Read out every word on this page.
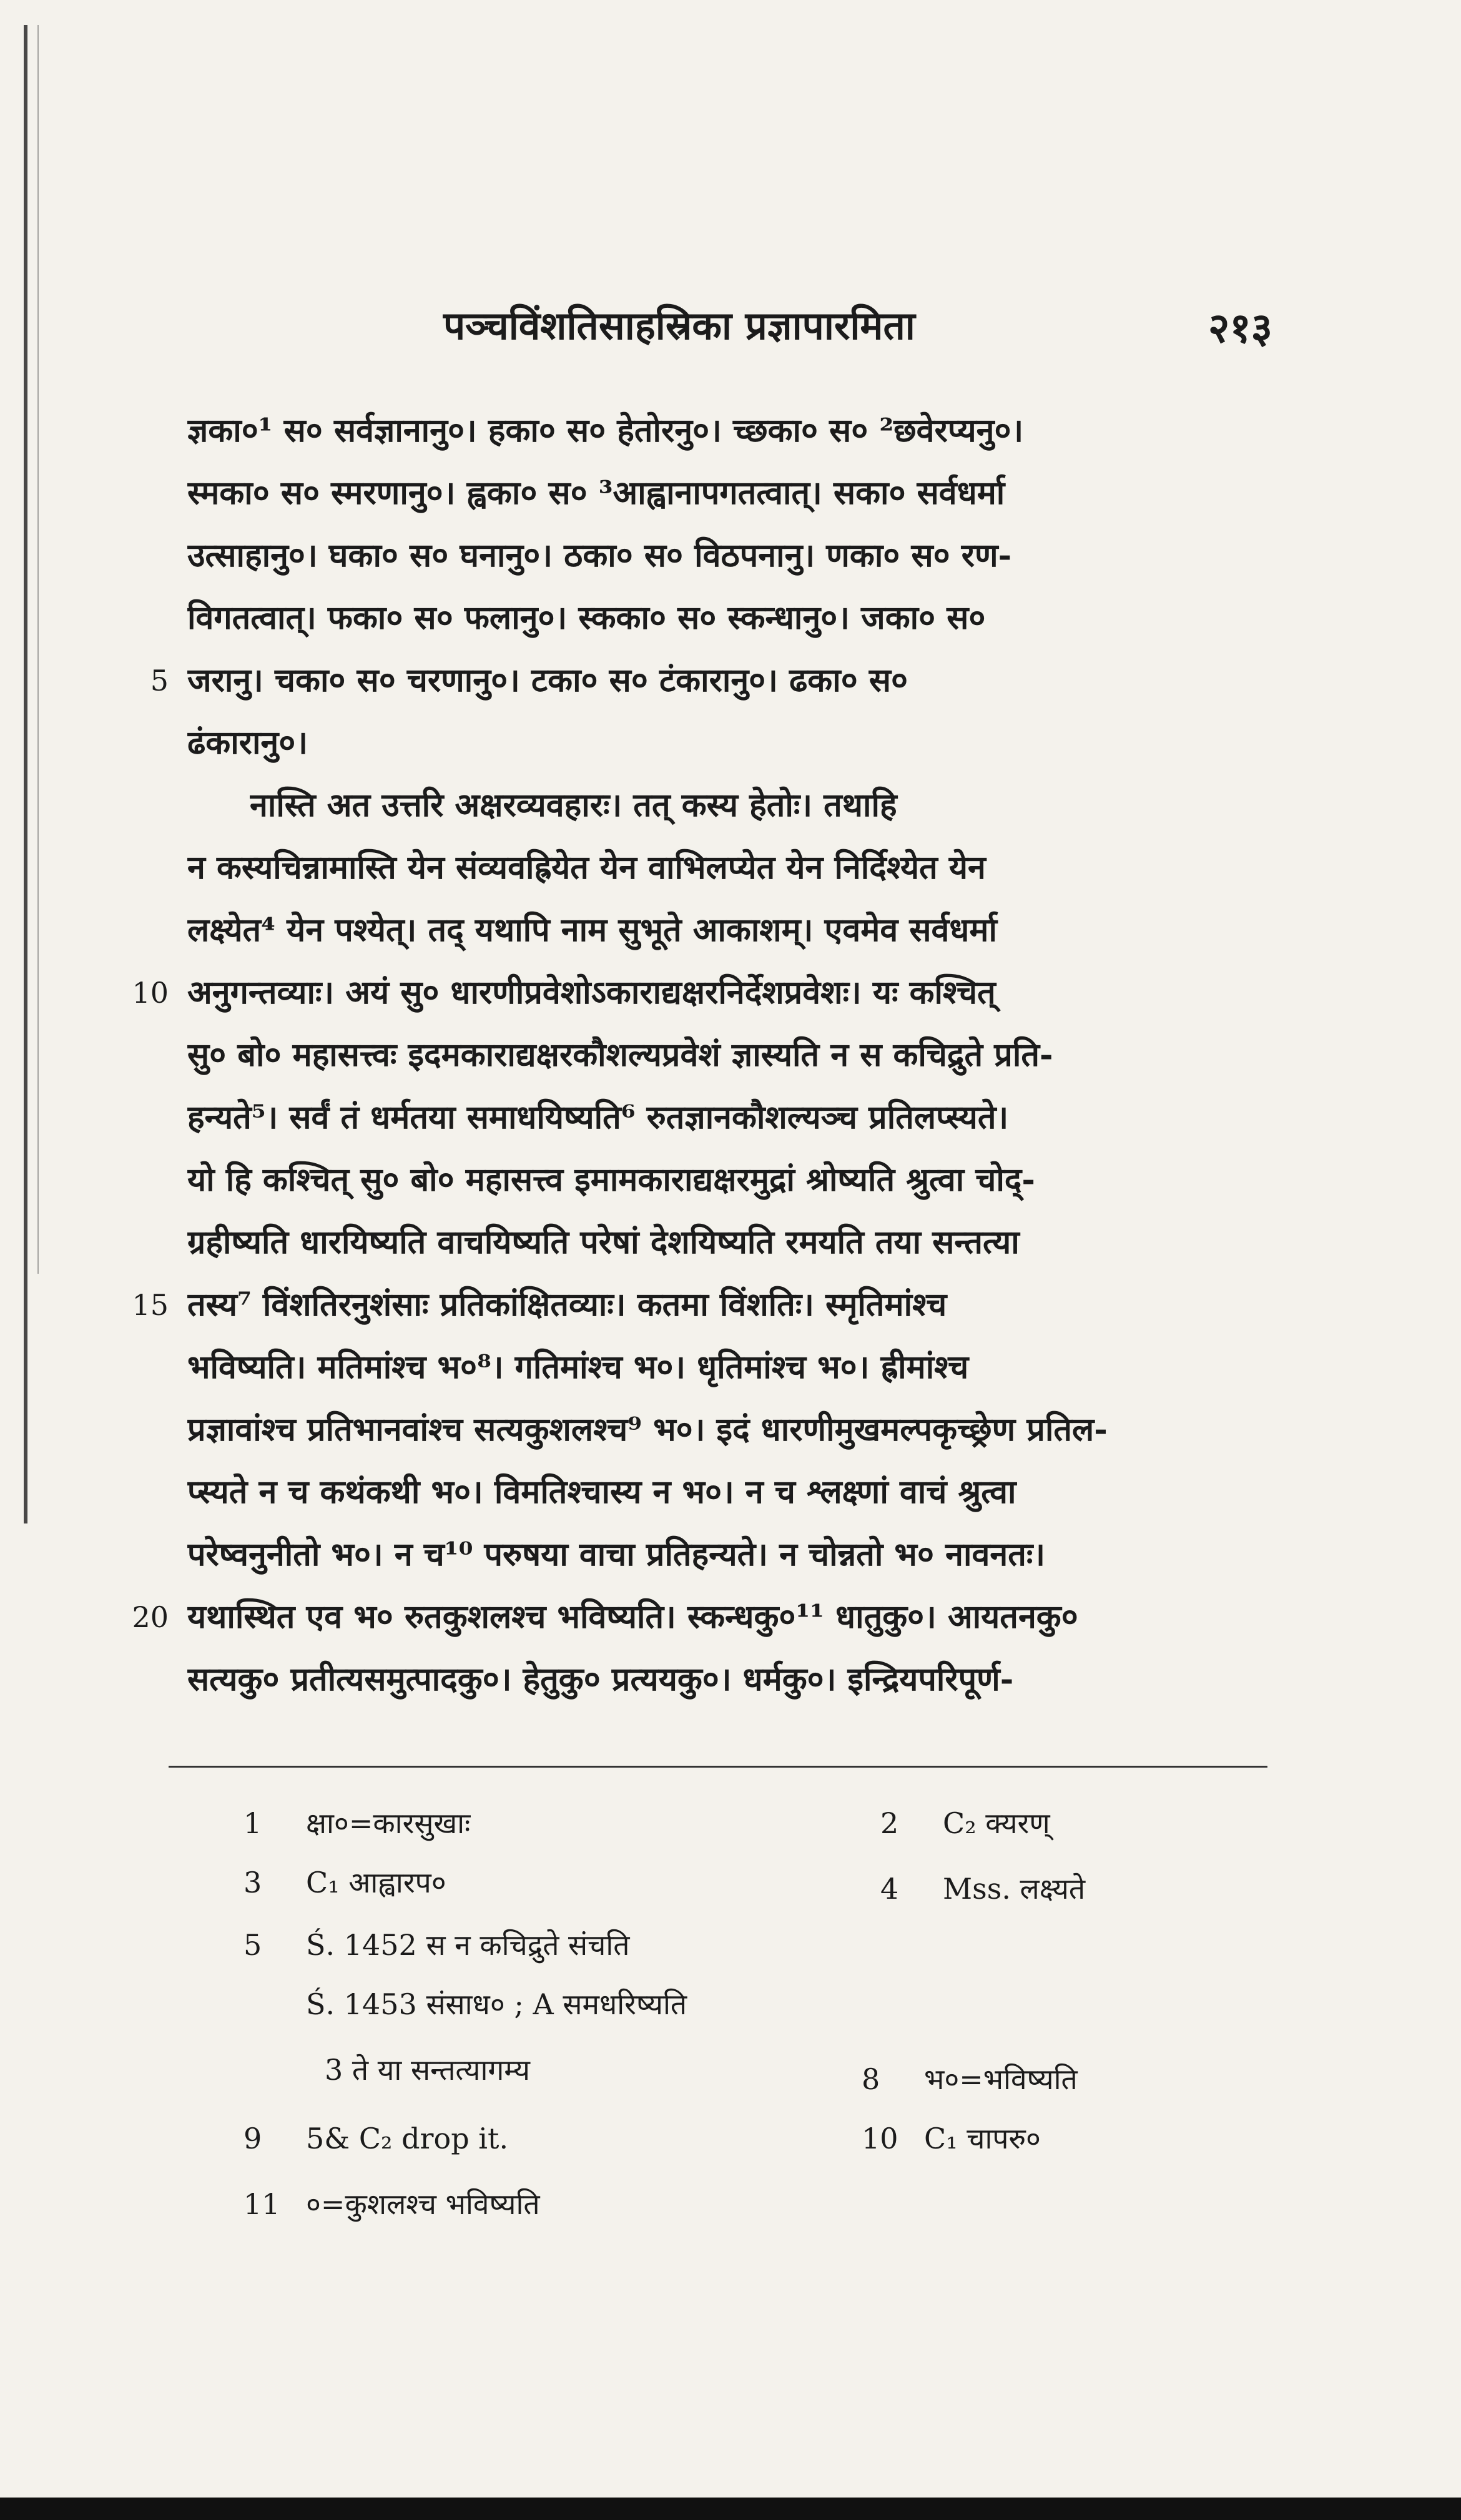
पञ्चविंशतिसाहस्रिका प्रज्ञापारमिता	२१३
ज्ञका०¹ स० सर्वज्ञानानु०। हका० स० हेतोरनु०। च्छका० स० ²छवेरप्यनु०।
स्मका० स० स्मरणानु०। ह्वका० स० ³आह्वानापगतत्वात्। सका० सर्वधर्मा
उत्साहानु०। घका० स० घनानु०। ठका० स० विठपनानु। णका० स० रण-
विगतत्वात्। फका० स० फलानु०। स्कका० स० स्कन्धानु०। जका० स०
5 जरानु। चका० स० चरणानु०। टका० स० टंकारानु०। ढका० स०
ढंकारानु०।
नास्ति अत उत्तरि अक्षरव्यवहारः। तत् कस्य हेतोः। तथाहि
न कस्यचिन्नामास्ति येन संव्यवह्रियेत येन वाभिलप्येत येन निर्दिश्येत येन
लक्ष्येत⁴ येन पश्येत्। तद् यथापि नाम सुभूते आकाशम्। एवमेव सर्वधर्मा
10 अनुगन्तव्याः। अयं सु० धारणीप्रवेशोऽकाराद्यक्षरनिर्देशप्रवेशः। यः कश्चित्
सु० बो० महासत्त्वः इदमकाराद्यक्षरकौशल्यप्रवेशं ज्ञास्यति न स कचिद्रुते प्रति-
हन्यते⁵। सर्वं तं धर्मतया समाधयिष्यति⁶ रुतज्ञानकौशल्यञ्च प्रतिलप्स्यते।
यो हि कश्चित् सु० बो० महासत्त्व इमामकाराद्यक्षरमुद्रां श्रोष्यति श्रुत्वा चोद्-
ग्रहीष्यति धारयिष्यति वाचयिष्यति परेषां देशयिष्यति रमयति तया सन्तत्या
15 तस्य⁷ विंशतिरनुशंसाः प्रतिकांक्षितव्याः। कतमा विंशतिः। स्मृतिमांश्च
भविष्यति। मतिमांश्च भ०⁸। गतिमांश्च भ०। धृतिमांश्च भ०। ह्रीमांश्च
प्रज्ञावांश्च प्रतिभानवांश्च सत्यकुशलश्च⁹ भ०। इदं धारणीमुखमल्पकृच्छ्रेण प्रतिल-
प्स्यते न च कथंकथी भ०। विमतिश्चास्य न भ०। न च श्लक्ष्णां वाचं श्रुत्वा
परेष्वनुनीतो भ०। न च¹⁰ परुषया वाचा प्रतिहन्यते। न चोन्नतो भ० नावनतः।
20 यथास्थित एव भ० रुतकुशलश्च भविष्यति। स्कन्धकु०¹¹ धातुकु०। आयतनकु०
सत्यकु० प्रतीत्यसमुत्पादकु०। हेतुकु० प्रत्ययकु०। धर्मकु०। इन्द्रियपरिपूर्ण-
1 क्षा०=कारसुखाः	2 C₂ क्यरण्
3 C₁ आह्वारप०	4 Mss. लक्ष्यते
5 Ś. 1452 स न कचिद्रुते संचति
Ś. 1453 संसाध० ; A समधरिष्यति
3 ते या सन्तत्यागम्य	8 भ०=भविष्यति
9 5& C₂ drop it.	10 C₁ चापरु०
11 ०=कुशलश्च भविष्यति
